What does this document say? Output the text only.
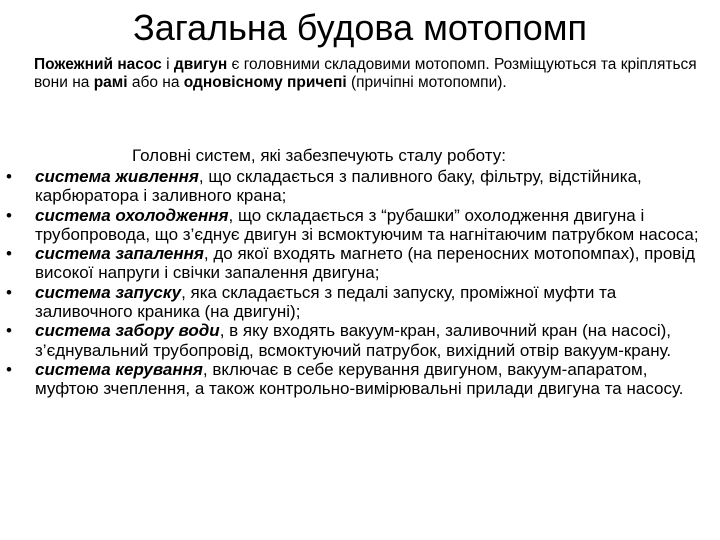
Загальна будова мотопомп
Пожежний насос і двигун є головними складовими мотопомп. Розміщуються та кріпляться вони на рамі або на одновісному причепі (причіпні мотопомпи).
Головні систем, які забезпечують сталу роботу:
• система живлення, що складається з паливного баку, фільтру, відстійника, карбюратора і заливного крана;
• система охолодження, що складається з “рубашки” охолодження двигуна і трубопровода, що з’єднує двигун зі всмоктуючим та нагнітаючим патрубком насоса;
• система запалення, до якої входять магнето (на переносних мотопомпах), провід високої напруги і свічки запалення двигуна;
• система запуску, яка складається з педалі запуску, проміжної муфти та заливочного краника (на двигуні);
• система забору води, в яку входять вакуум-кран, заливочний кран (на насосі), з’єднувальний трубопровід, всмоктуючий патрубок, вихідний отвір вакуум-крану.
• система керування, включає в себе керування двигуном, вакуум-апаратом, муфтою зчеплення, а також контрольно-вимірювальні прилади двигуна та насосу.
